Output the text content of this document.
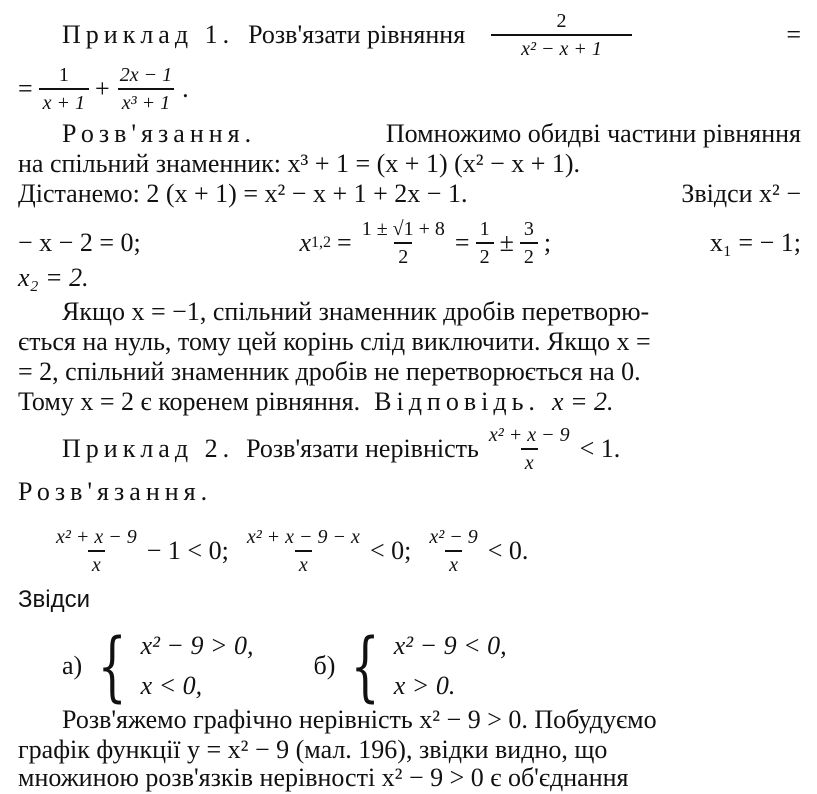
Приклад 1. Розв'язати рівняння $\frac{2}{\text{x² − x + 1}}$	=
= $\frac{1}{x + 1} + \frac{2x - 1}{\text{x³ + 1}}$ .
Розв'язання.	Помножимо обидві частини рівняння
на спільний знаменник: x³ + 1 = (x + 1) (x² − x + 1).
Дістанемо: 2 (x + 1) = x² − x + 1 + 2x − 1.	Звідси x² −
− x − 2 = 0;	x $1,2 = \frac{1 \pm √1 + 8}{2} = \frac{1}{2} \pm \frac{3}{2}$ ;	x₁ = − 1;
x₂ = 2.
Якщо x = −1, спільний знаменник дробів перетворю-
ється на нуль, тому цей корінь слід виключити. Якщо x =
= 2, спільний знаменник дробів не перетворюється на 0.
Тому x = 2 є коренем рівняння. Відповідь. x = 2.
Приклад 2. Розв'язати нерівність $\frac{\text{x² + x − 9}}{x} < 1$.
Розв'язання.
$\frac{\text{x² + x − 9}}{x} - 1 < 0$; $\frac{\text{x² + x − 9 − x}}{x} < 0$; $\frac{\text{x² − 9}}{x} < 0$.
Звідси
а) { x² − 9 > 0,
x < 0,
б) { x² − 9 < 0,
x > 0.
Розв'яжемо графічно нерівність x² − 9 > 0. Побудуємо
графік функції y = x² − 9 (мал. 196), звідки видно, що
множиною розв'язків нерівності x² − 9 > 0 є об'єднання
